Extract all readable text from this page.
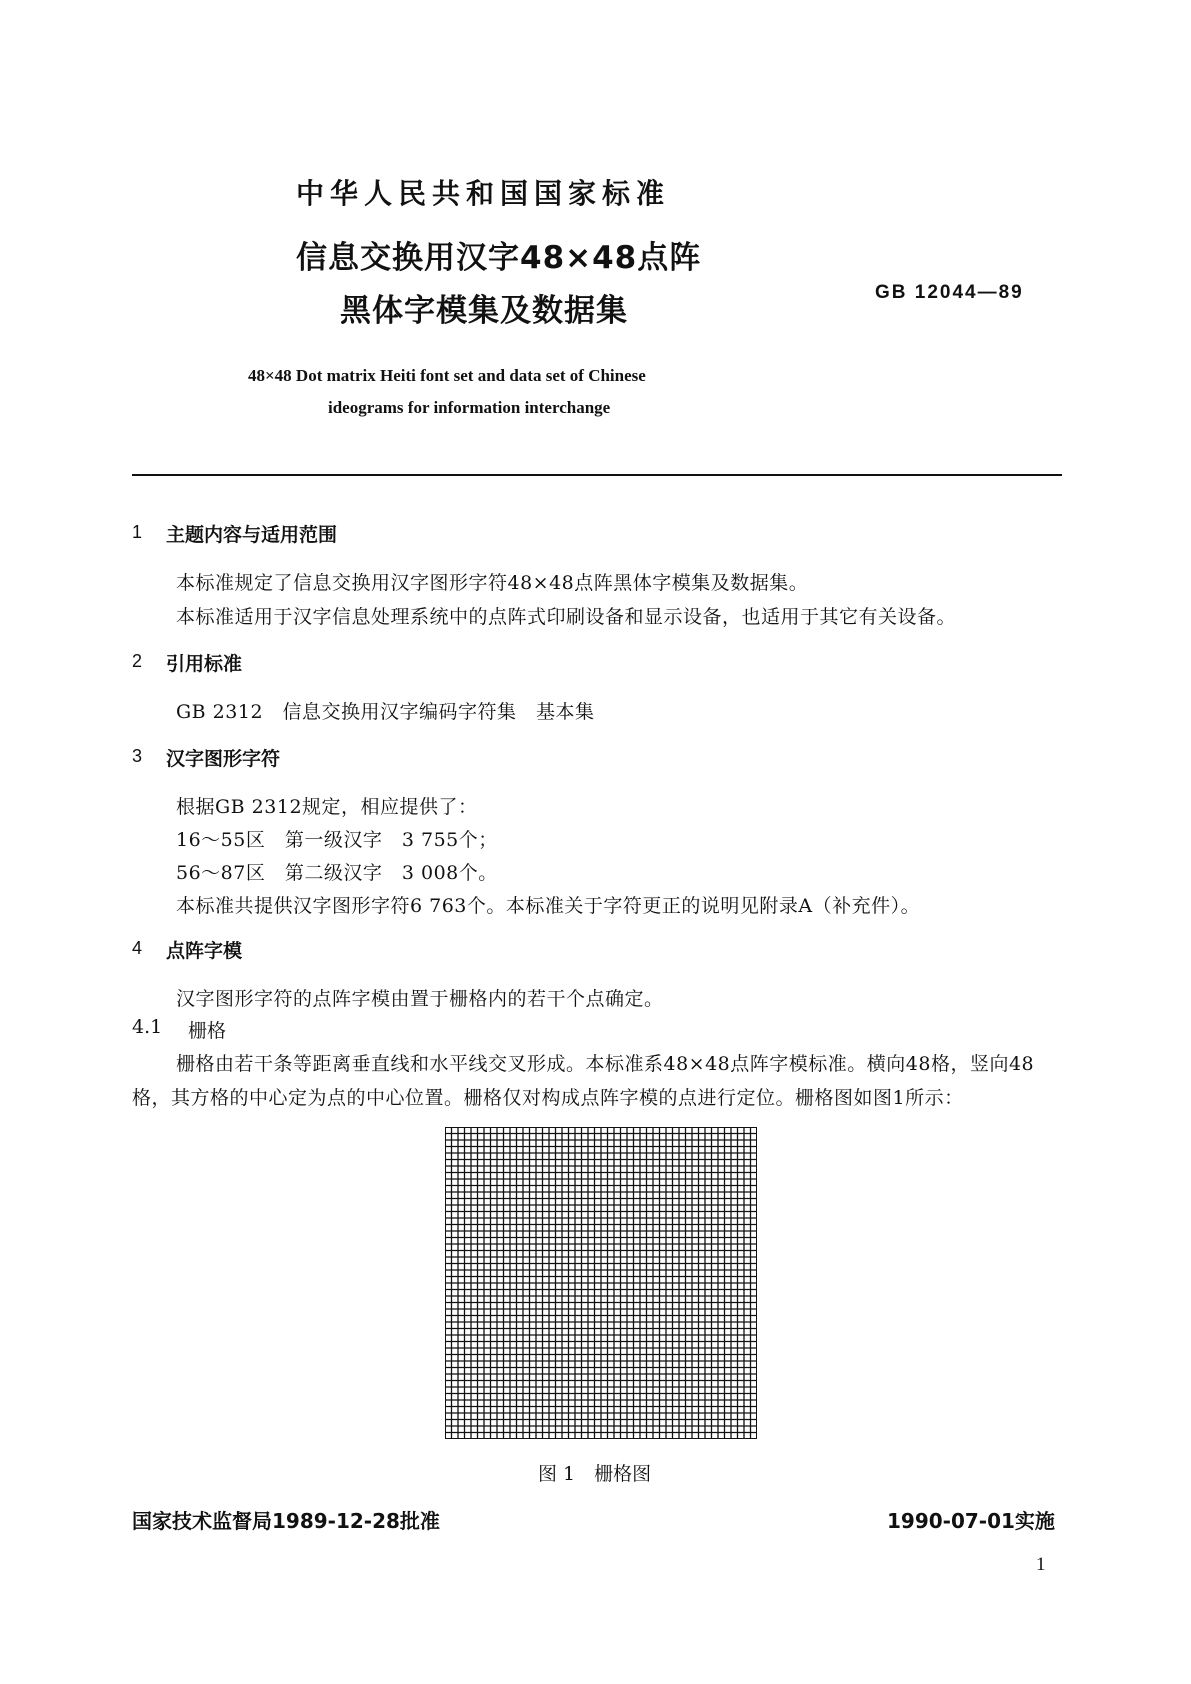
中华人民共和国国家标准
信息交换用汉字48×48点阵
黑体字模集及数据集
GB 12044—89
48×48 Dot matrix Heiti font set and data set of Chinese
ideograms for information interchange
1 主题内容与适用范围
本标准规定了信息交换用汉字图形字符48×48点阵黑体字模集及数据集。
本标准适用于汉字信息处理系统中的点阵式印刷设备和显示设备，也适用于其它有关设备。
2 引用标准
GB 2312　信息交换用汉字编码字符集　基本集
3 汉字图形字符
根据GB 2312规定，相应提供了：
16～55区　第一级汉字　3 755个；
56～87区　第二级汉字　3 008个。
本标准共提供汉字图形字符6 763个。本标准关于字符更正的说明见附录A（补充件）。
4 点阵字模
汉字图形字符的点阵字模由置于栅格内的若干个点确定。
4.1 栅格
栅格由若干条等距离垂直线和水平线交叉形成。本标准系48×48点阵字模标准。横向48格，竖向48
格，其方格的中心定为点的中心位置。栅格仅对构成点阵字模的点进行定位。栅格图如图1所示：
图 1　栅格图
国家技术监督局1989-12-28批准	1990-07-01实施
1
